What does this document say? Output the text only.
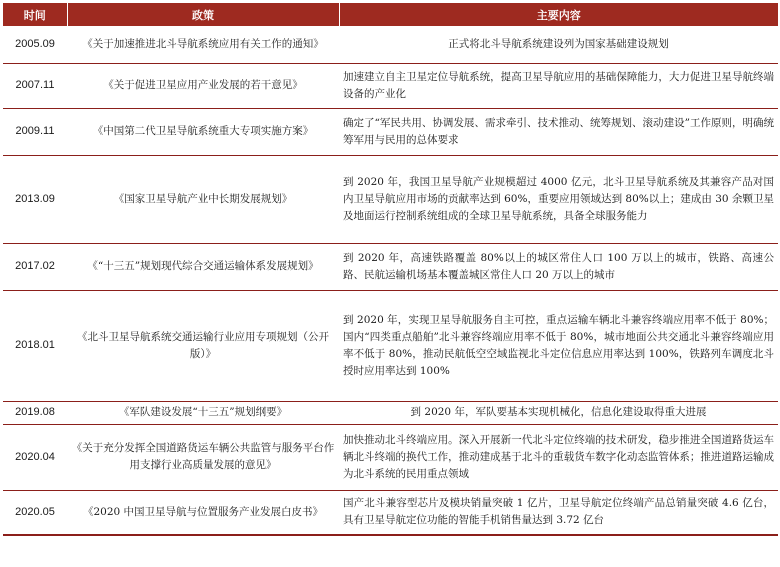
时间	政策	主要内容
2005.09	《关于加速推进北斗导航系统应用有关工作的通知》	正式将北斗导航系统建设列为国家基础建设规划
2007.11	《关于促进卫星应用产业发展的若干意见》	加速建立自主卫星定位导航系统，提高卫星导航应用的基础保障能力，大力促进卫星导航终端设备的产业化
2009.11	《中国第二代卫星导航系统重大专项实施方案》	确定了“军民共用、协调发展、需求牵引、技术推动、统筹规划、滚动建设”工作原则，明确统筹军用与民用的总体要求
2013.09	《国家卫星导航产业中长期发展规划》	到 2020 年，我国卫星导航产业规模超过 4000 亿元，北斗卫星导航系统及其兼容产品对国内卫星导航应用市场的贡献率达到 60%，重要应用领域达到 80%以上；建成由 30 余颗卫星及地面运行控制系统组成的全球卫星导航系统，具备全球服务能力
2017.02	《“十三五”规划现代综合交通运输体系发展规划》	到 2020 年，高速铁路覆盖 80%以上的城区常住人口 100 万以上的城市，铁路、高速公路、民航运输机场基本覆盖城区常住人口 20 万以上的城市
2018.01	《北斗卫星导航系统交通运输行业应用专项规划（公开版）》	到 2020 年，实现卫星导航服务自主可控，重点运输车辆北斗兼容终端应用率不低于 80%；国内“四类重点船舶”北斗兼容终端应用率不低于 80%，城市地面公共交通北斗兼容终端应用率不低于 80%，推动民航低空空域监视北斗定位信息应用率达到 100%，铁路列车调度北斗授时应用率达到 100%
2019.08	《军队建设发展“十三五”规划纲要》	到 2020 年，军队要基本实现机械化，信息化建设取得重大进展
2020.04	《关于充分发挥全国道路货运车辆公共监管与服务平台作用支撑行业高质量发展的意见》	加快推动北斗终端应用。深入开展新一代北斗定位终端的技术研发，稳步推进全国道路货运车辆北斗终端的换代工作，推动建成基于北斗的重载货车数字化动态监管体系；推进道路运输成为北斗系统的民用重点领域
2020.05	《2020 中国卫星导航与位置服务产业发展白皮书》	国产北斗兼容型芯片及模块销量突破 1 亿片，卫星导航定位终端产品总销量突破 4.6 亿台，具有卫星导航定位功能的智能手机销售量达到 3.72 亿台
